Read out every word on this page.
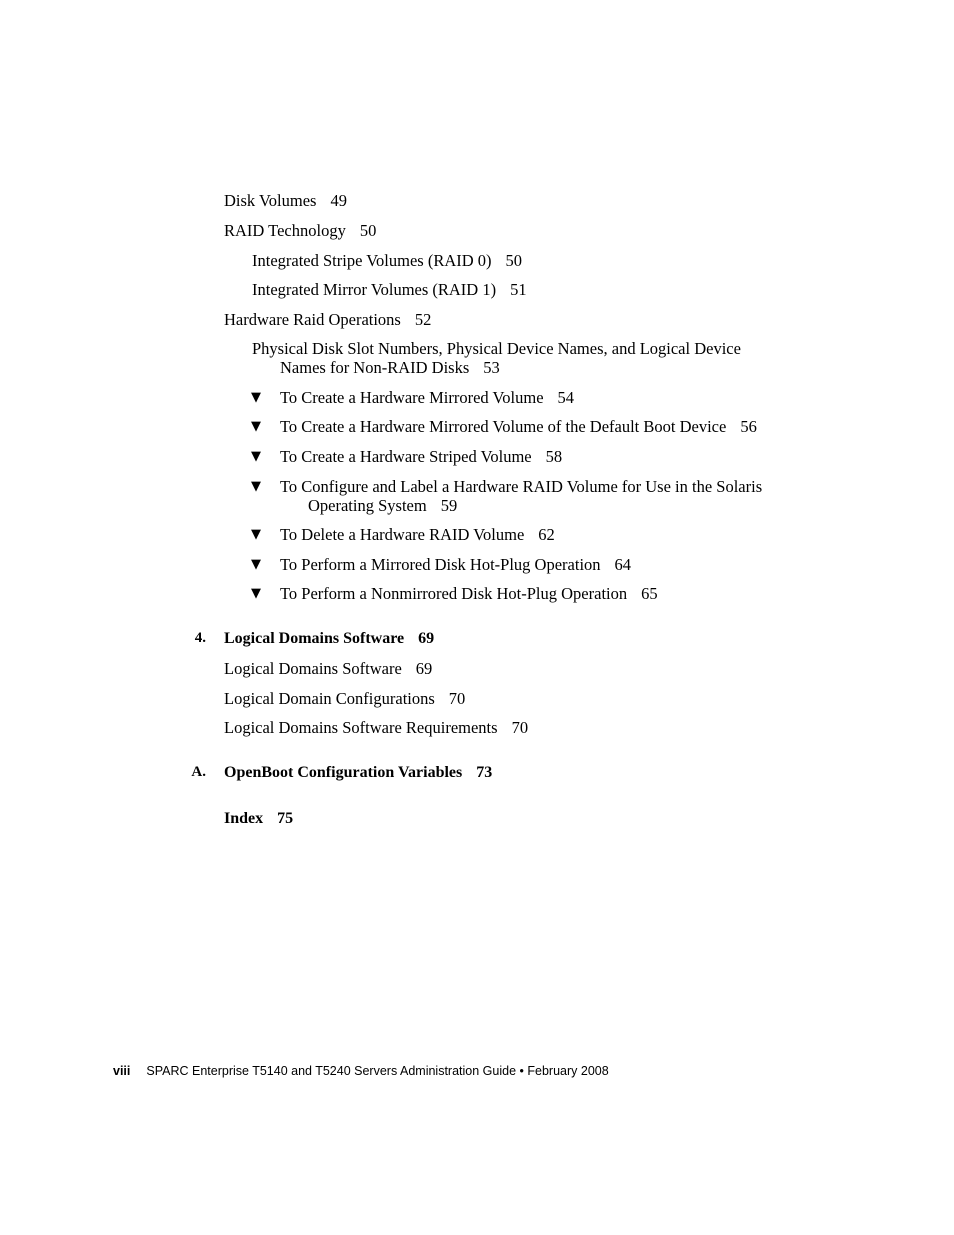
Disk Volumes 49
RAID Technology 50
Integrated Stripe Volumes (RAID 0) 50
Integrated Mirror Volumes (RAID 1) 51
Hardware Raid Operations 52
Physical Disk Slot Numbers, Physical Device Names, and Logical Device
Names for Non-RAID Disks 53
▼ To Create a Hardware Mirrored Volume 54
▼ To Create a Hardware Mirrored Volume of the Default Boot Device 56
▼ To Create a Hardware Striped Volume 58
▼ To Configure and Label a Hardware RAID Volume for Use in the Solaris
Operating System 59
▼ To Delete a Hardware RAID Volume 62
▼ To Perform a Mirrored Disk Hot-Plug Operation 64
▼ To Perform a Nonmirrored Disk Hot-Plug Operation 65
4. Logical Domains Software 69
Logical Domains Software 69
Logical Domain Configurations 70
Logical Domains Software Requirements 70
A. OpenBoot Configuration Variables 73
Index 75
viii SPARC Enterprise T5140 and T5240 Servers Administration Guide • February 2008
